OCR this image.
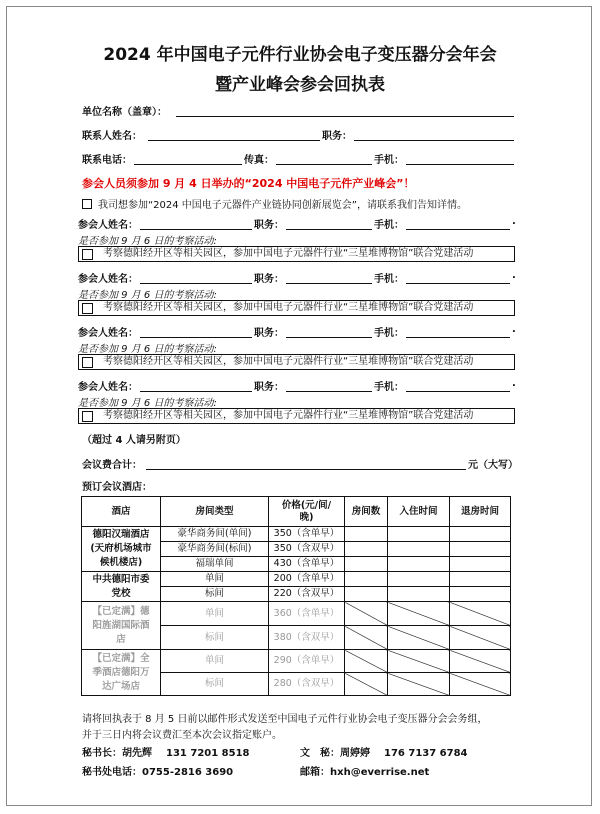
2024 年中国电子元件行业协会电子变压器分会年会
暨产业峰会参会回执表
单位名称（盖章）：
联系人姓名：	职务：
联系电话：	传真：	手机：
参会人员须参加 9 月 4 日举办的“2024 中国电子元件产业峰会”！
我司想参加“2024 中国电子元器件产业链协同创新展览会”，请联系我们告知详情。
参会人姓名：	职务：	手机：	.
是否参加 9 月 6 日的考察活动:
考察德阳经开区等相关园区，参加中国电子元器件行业“三星堆博物馆”联合党建活动
参会人姓名：	职务：	手机：	.
是否参加 9 月 6 日的考察活动:
考察德阳经开区等相关园区，参加中国电子元器件行业“三星堆博物馆”联合党建活动
参会人姓名：	职务：	手机：	.
是否参加 9 月 6 日的考察活动:
考察德阳经开区等相关园区，参加中国电子元器件行业“三星堆博物馆”联合党建活动
参会人姓名：	职务：	手机：	.
是否参加 9 月 6 日的考察活动:
考察德阳经开区等相关园区，参加中国电子元器件行业“三星堆博物馆”联合党建活动
（超过 4 人请另附页）
会议费合计：	元（大写）
预订会议酒店：
酒店	房间类型	价格(元/间/
晚)	房间数	入住时间	退房时间

德阳汉瑞酒店
(天府机场城市
候机楼店)	豪华商务间(单间)	350（含单早）			
	豪华商务间(标间)	350（含双早）			
	福瑞单间	430（含单早）			

中共德阳市委
党校	单间	200（含单早）			
	标间	220（含双早）			

【已定满】德
阳旌湖国际酒
店	单间	360（含单早）			
	标间	380（含双早）			

【已定满】全
季酒店德阳万
达广场店	单间	290（含单早）			
	标间	280（含双早）			
请将回执表于 8 月 5 日前以邮件形式发送至中国电子元件行业协会电子变压器分会会务组，
并于三日内将会议费汇至本次会议指定账户。
秘书长：胡先辉 131 7201 8518	文　秘：周婷婷 176 7137 6784
秘书处电话：0755-2816 3690	邮箱：hxh@everrise.net
